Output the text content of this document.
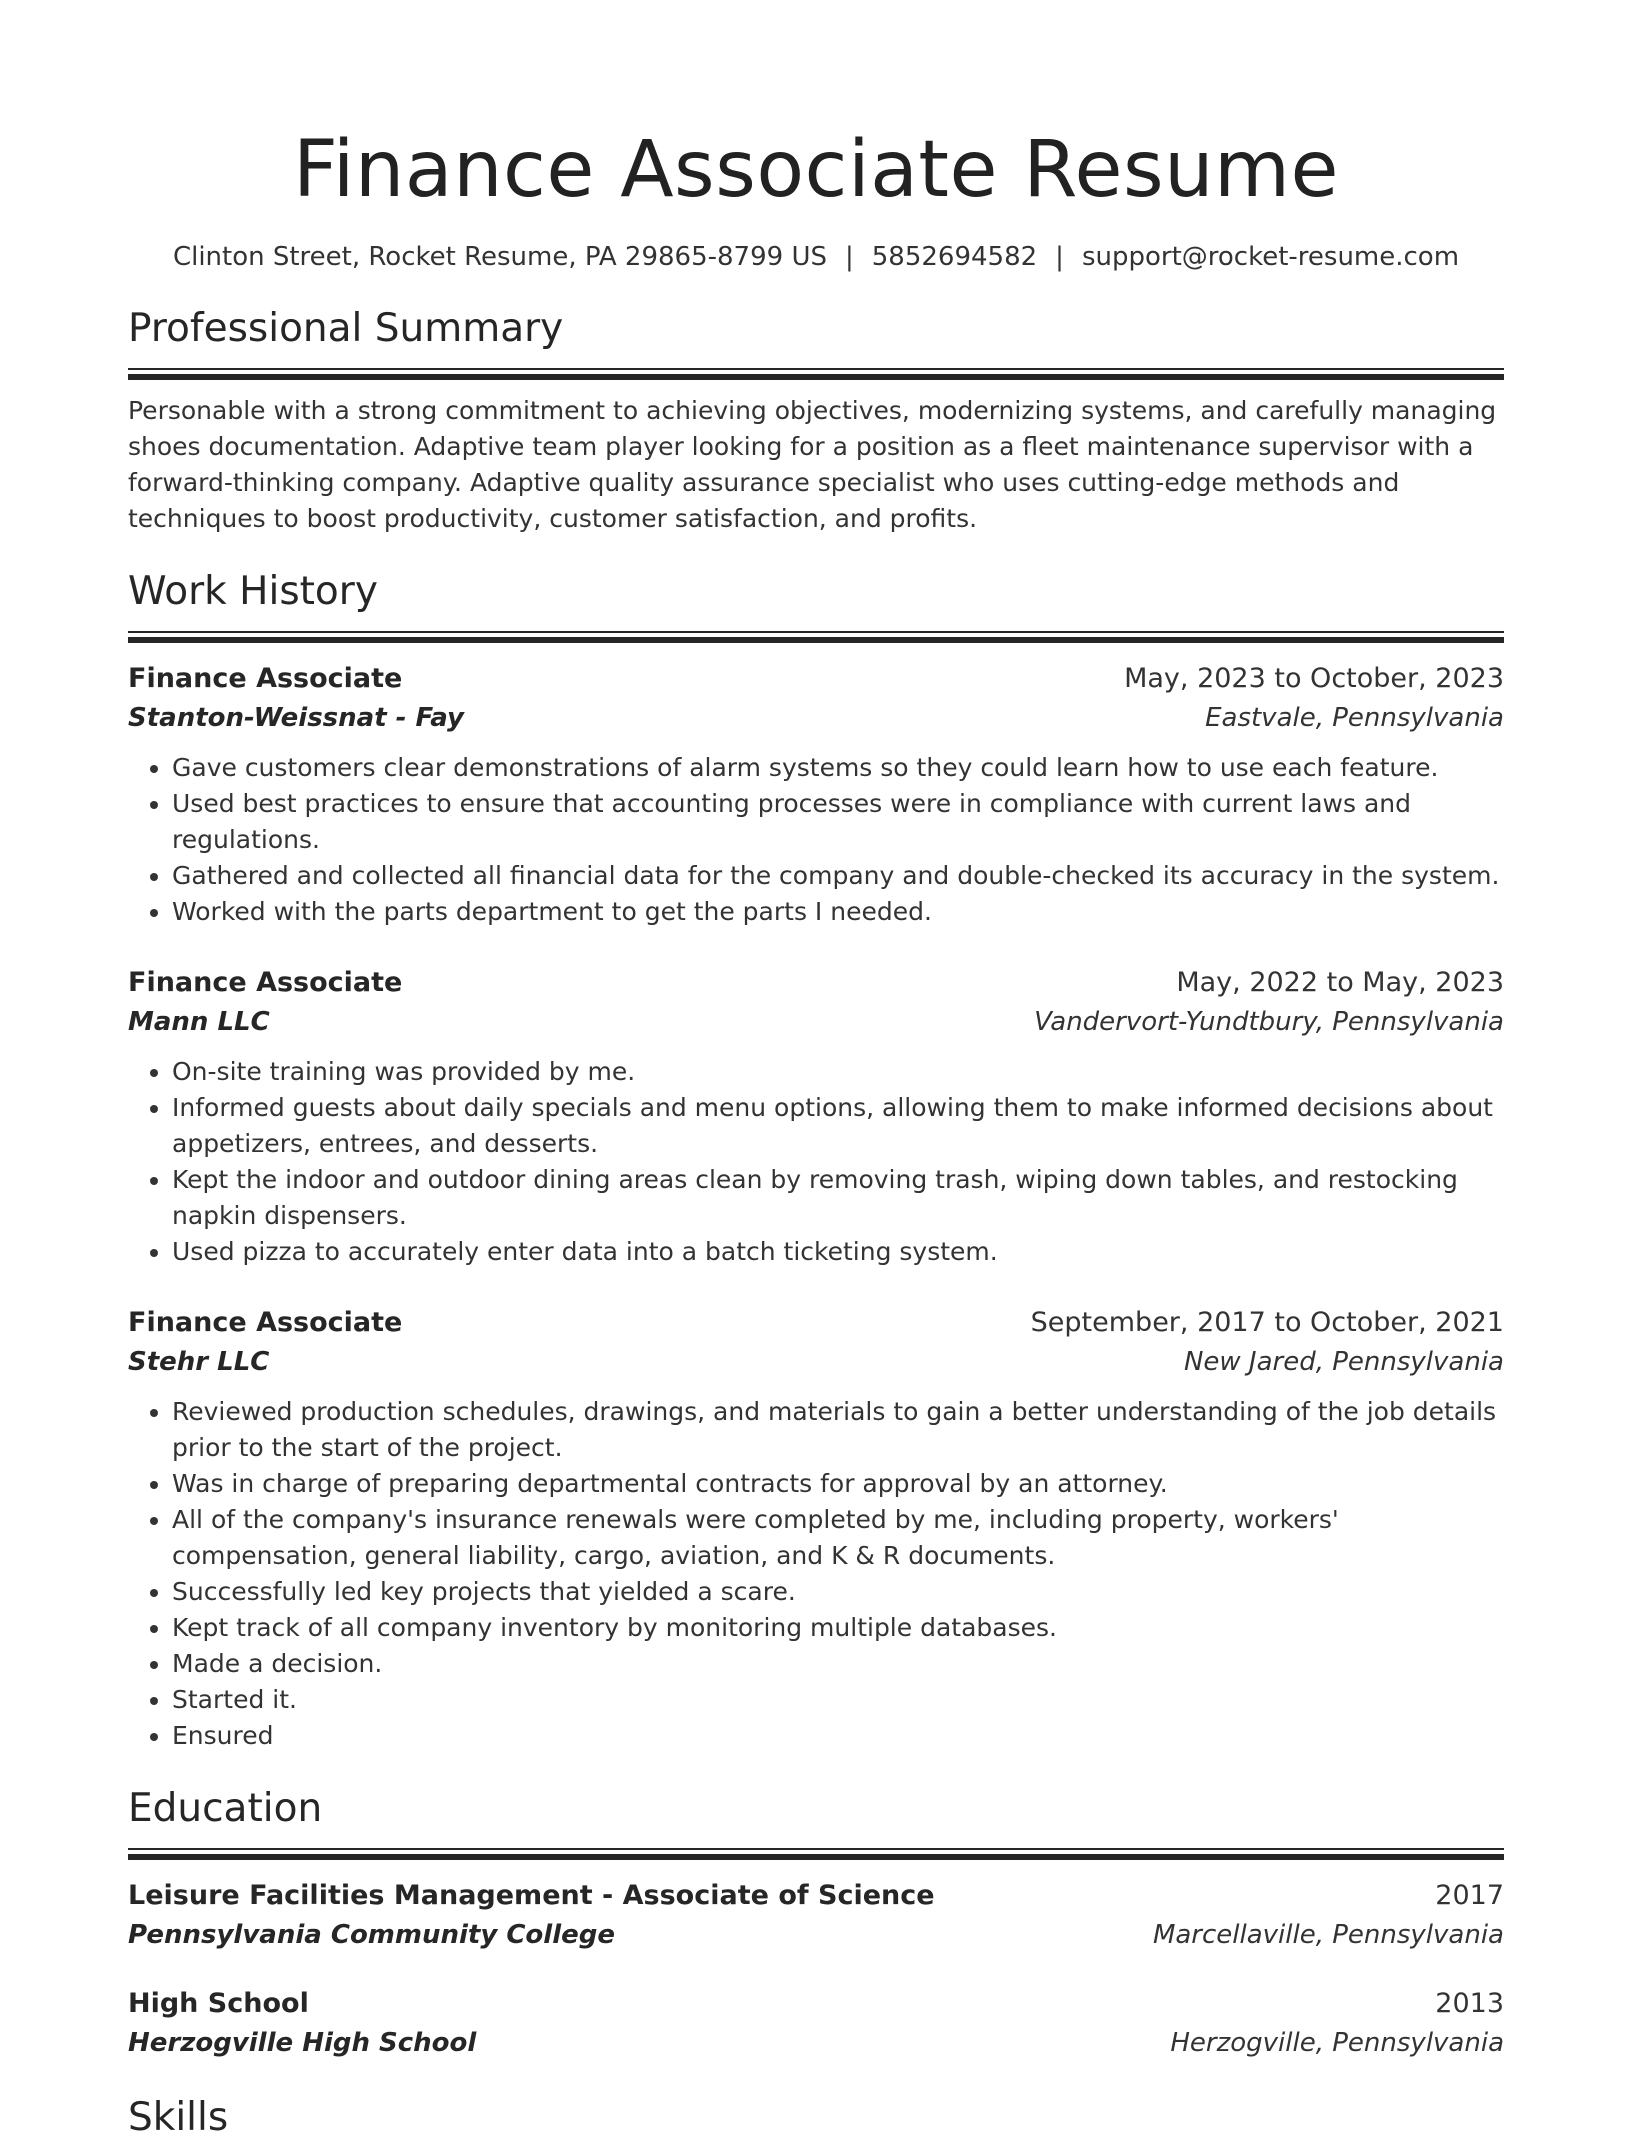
Finance Associate Resume
Clinton Street, Rocket Resume, PA 29865-8799 US | 5852694582 | support@rocket-resume.com
Professional Summary

Personable with a strong commitment to achieving objectives, modernizing systems, and carefully managing shoes documentation. Adaptive team player looking for a position as a fleet maintenance supervisor with a forward-thinking company. Adaptive quality assurance specialist who uses cutting-edge methods and techniques to boost productivity, customer satisfaction, and profits.

Work History
Finance Associate	May, 2023 to October, 2023
Stanton-Weissnat - Fay	Eastvale, Pennsylvania
• Gave customers clear demonstrations of alarm systems so they could learn how to use each feature.
• Used best practices to ensure that accounting processes were in compliance with current laws and regulations.
• Gathered and collected all financial data for the company and double-checked its accuracy in the system.
• Worked with the parts department to get the parts I needed.
Finance Associate	May, 2022 to May, 2023
Mann LLC	Vandervort-Yundtbury, Pennsylvania
• On-site training was provided by me.
• Informed guests about daily specials and menu options, allowing them to make informed decisions about appetizers, entrees, and desserts.
• Kept the indoor and outdoor dining areas clean by removing trash, wiping down tables, and restocking napkin dispensers.
• Used pizza to accurately enter data into a batch ticketing system.
Finance Associate	September, 2017 to October, 2021
Stehr LLC	New Jared, Pennsylvania
• Reviewed production schedules, drawings, and materials to gain a better understanding of the job details prior to the start of the project.
• Was in charge of preparing departmental contracts for approval by an attorney.
• All of the company's insurance renewals were completed by me, including property, workers' compensation, general liability, cargo, aviation, and K & R documents.
• Successfully led key projects that yielded a scare.
• Kept track of all company inventory by monitoring multiple databases.
• Made a decision.
• Started it.
• Ensured
Education
Leisure Facilities Management - Associate of Science	2017
Pennsylvania Community College	Marcellaville, Pennsylvania
High School	2013
Herzogville High School	Herzogville, Pennsylvania
Skills
